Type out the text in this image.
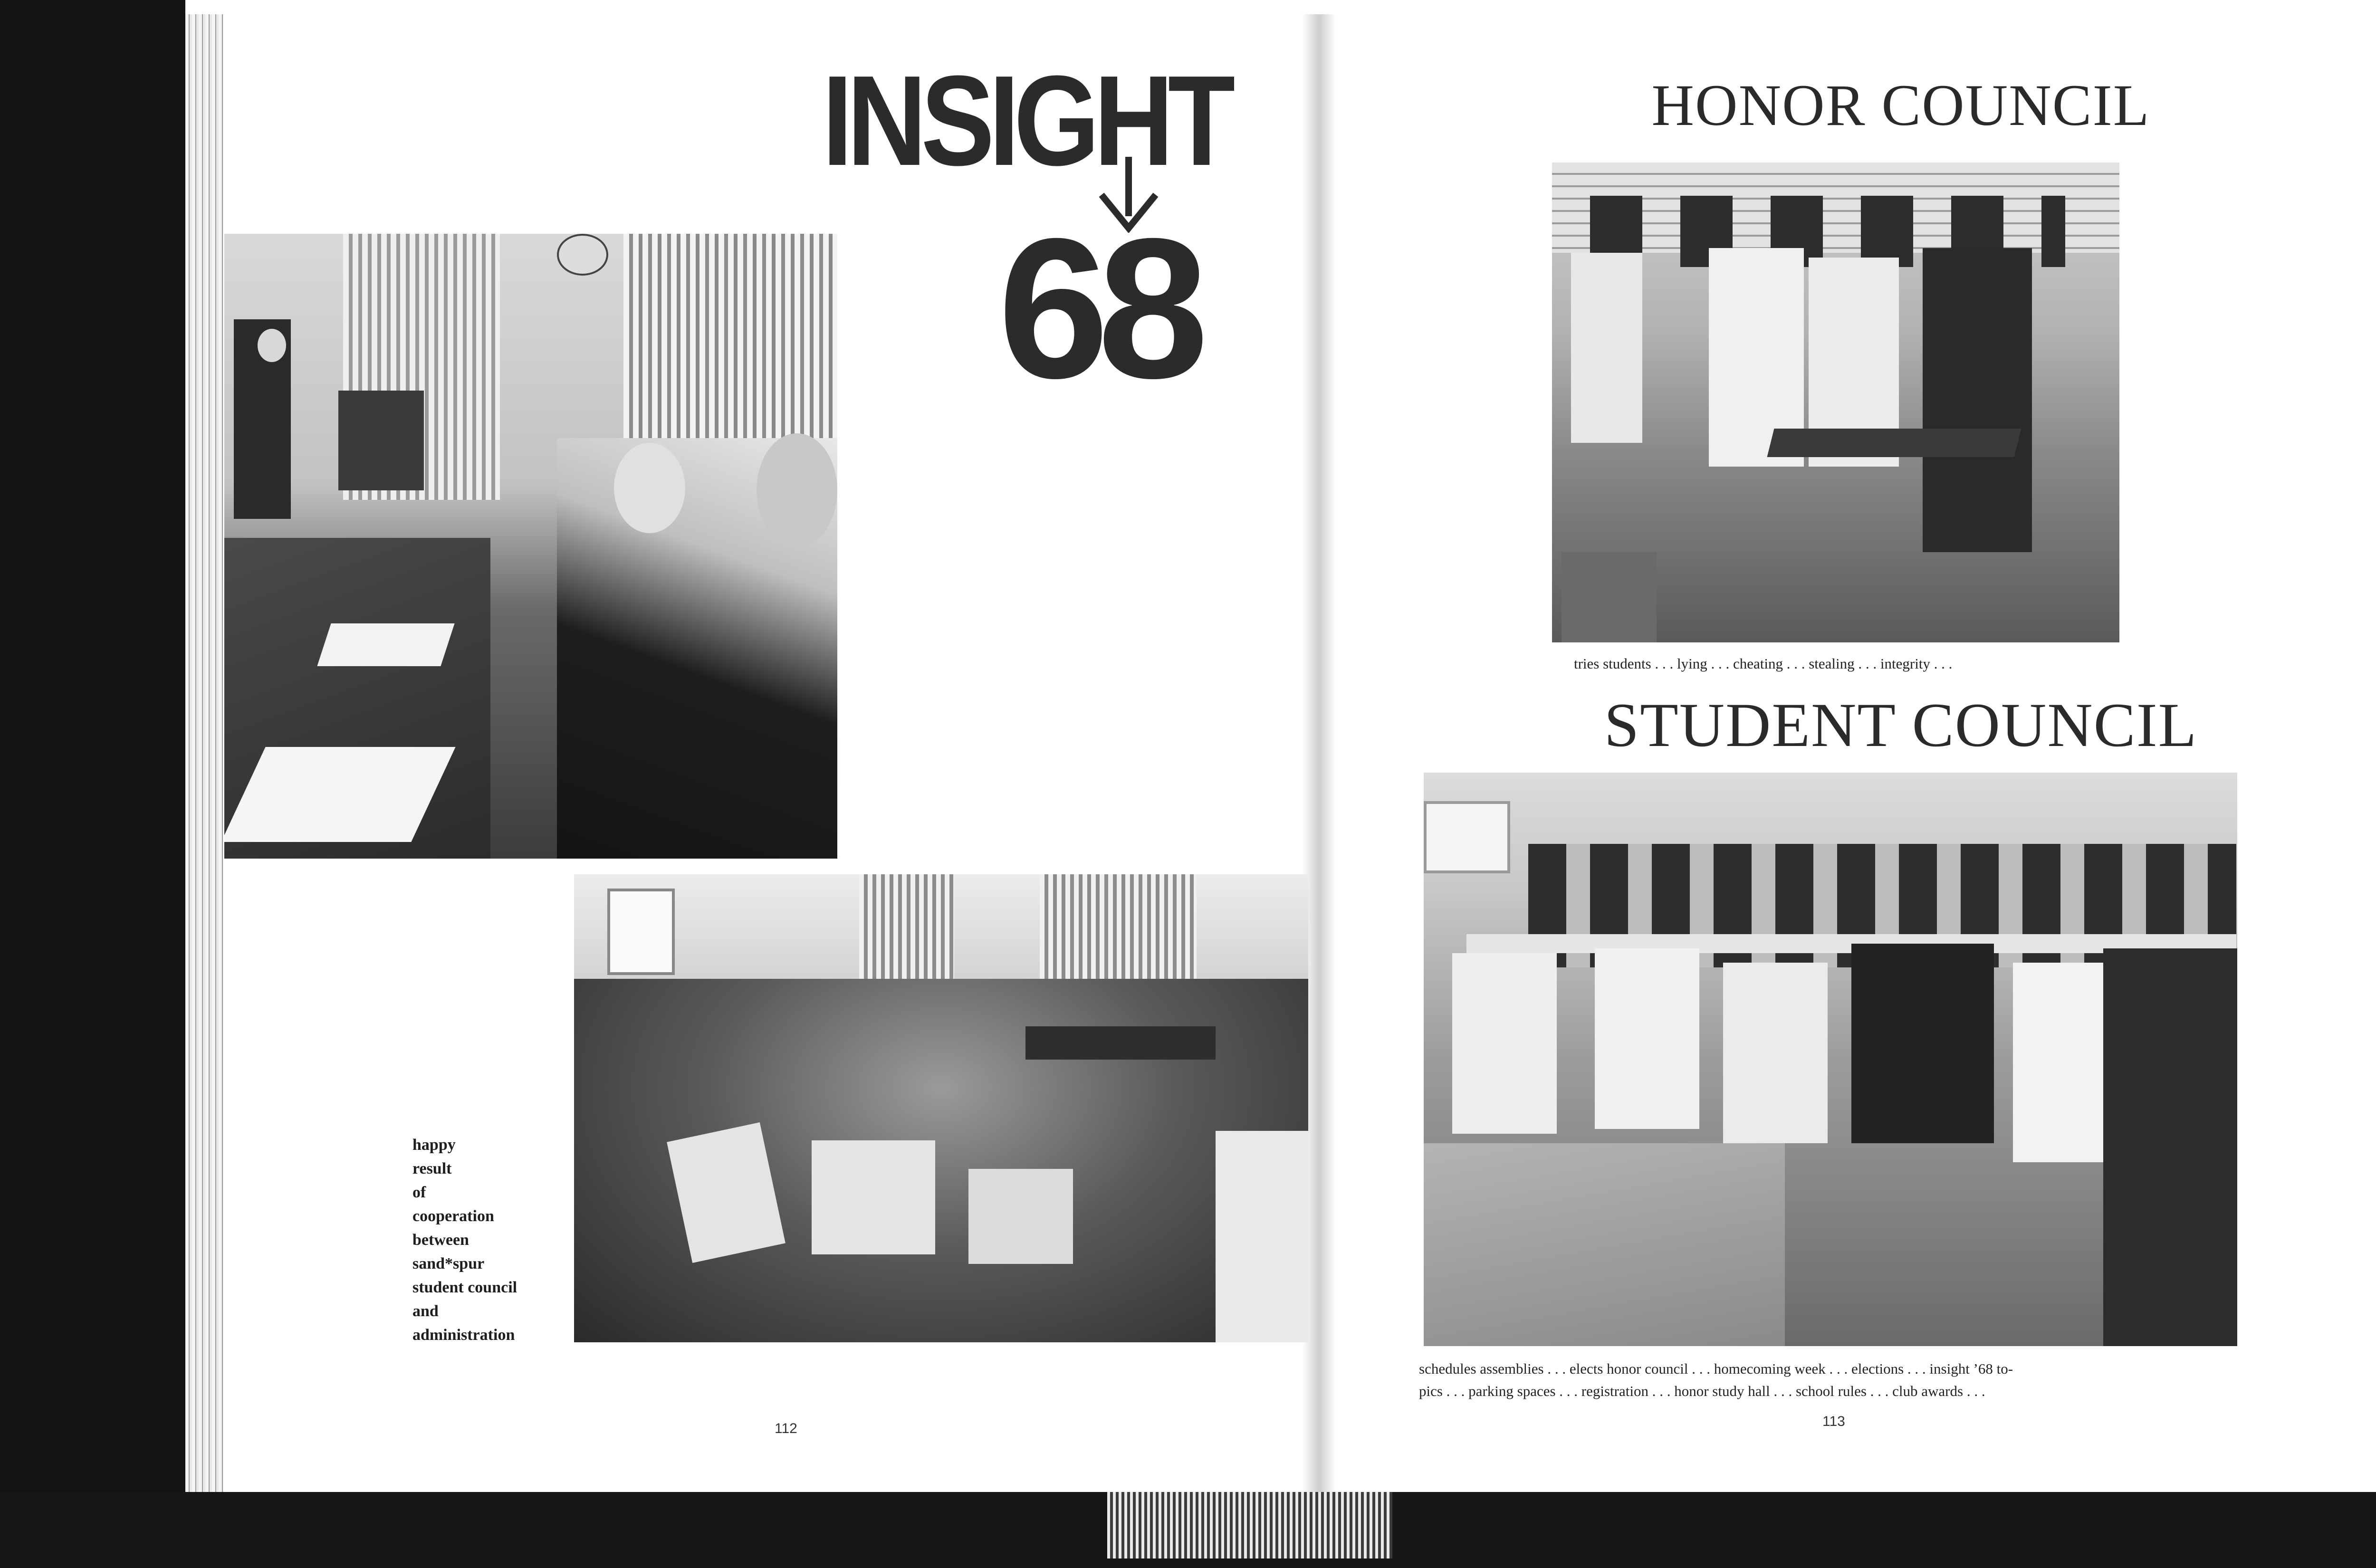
INSIGHT
68
happy
result
of
cooperation
between
sand*spur
student council
and
administration
112
HONOR COUNCIL
tries students . . . lying . . . cheating . . . stealing . . . integrity . . .
STUDENT COUNCIL
schedules assemblies . . . elects honor council . . . homecoming week . . . elections . . . insight ’68 to-
pics . . . parking spaces . . . registration . . . honor study hall . . . school rules . . . club awards . . .
113
